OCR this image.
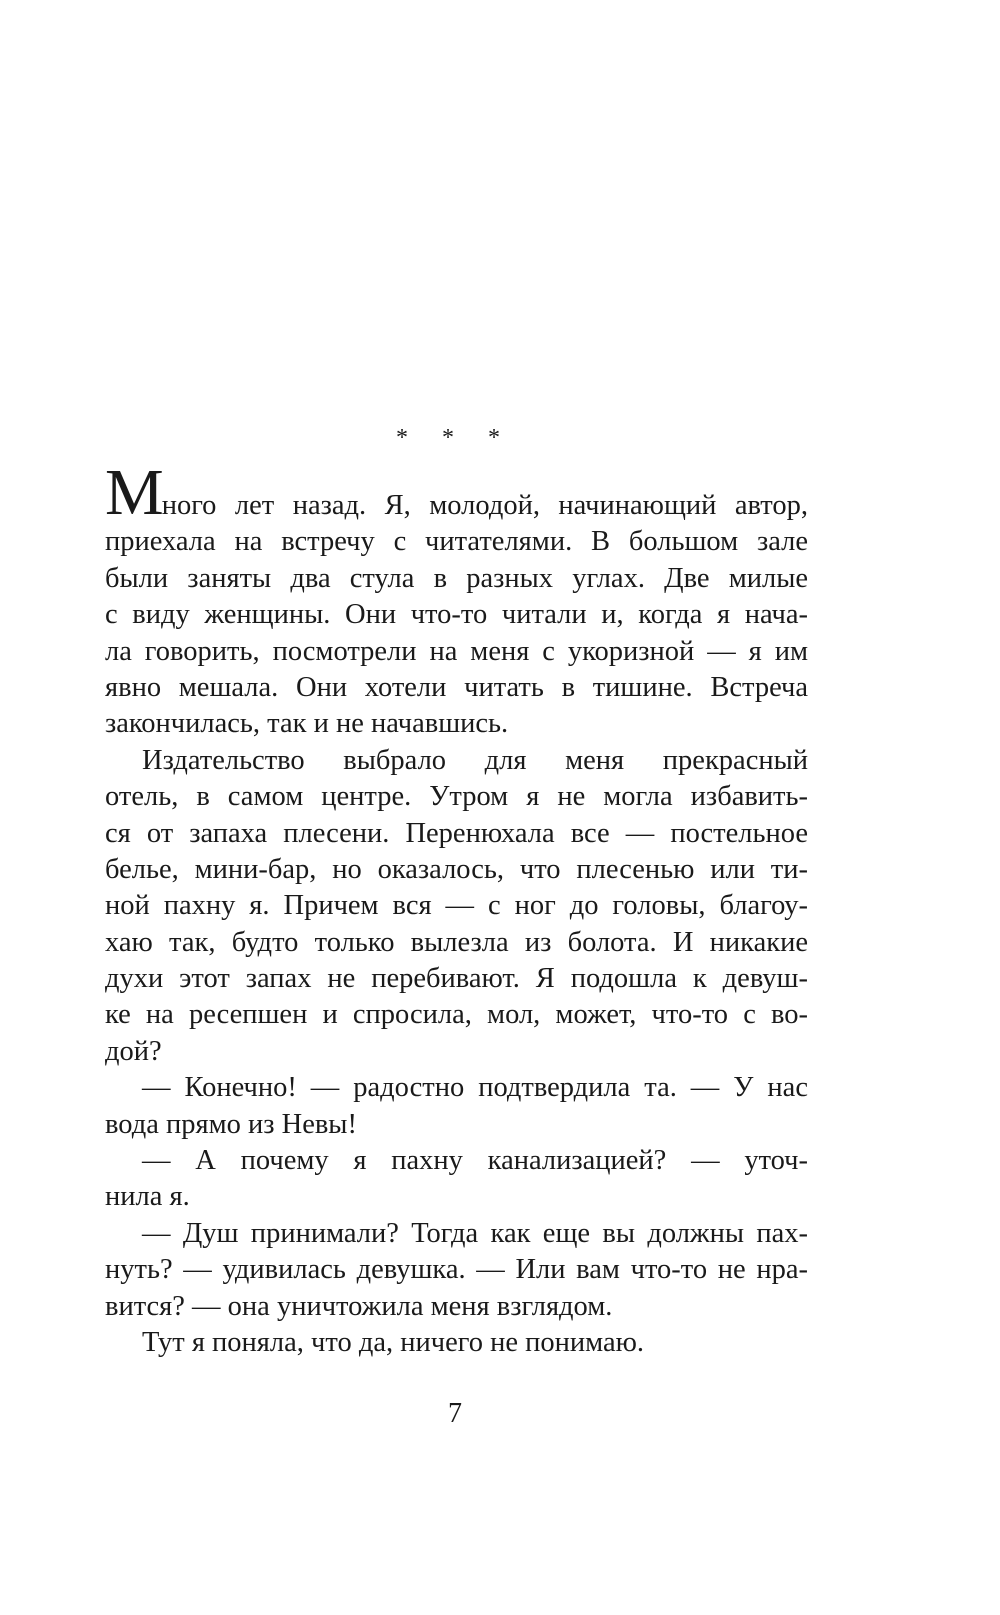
* * *
Много лет назад. Я, молодой, начинающий автор,
приехала на встречу с читателями. В большом зале
были заняты два стула в разных углах. Две милые
с виду женщины. Они что-то читали и, когда я нача-
ла говорить, посмотрели на меня с укоризной — я им
явно мешала. Они хотели читать в тишине. Встреча
закончилась, так и не начавшись.
Издательство выбрало для меня прекрасный
отель, в самом центре. Утром я не могла избавить-
ся от запаха плесени. Перенюхала все — постельное
белье, мини-бар, но оказалось, что плесенью или ти-
ной пахну я. Причем вся — с ног до головы, благоу-
хаю так, будто только вылезла из болота. И никакие
духи этот запах не перебивают. Я подошла к девуш-
ке на ресепшен и спросила, мол, может, что-то с во-
дой?
— Конечно! — радостно подтвердила та. — У нас
вода прямо из Невы!
— А почему я пахну канализацией? — уточ-
нила я.
— Душ принимали? Тогда как еще вы должны пах-
нуть? — удивилась девушка. — Или вам что-то не нра-
вится? — она уничтожила меня взглядом.
Тут я поняла, что да, ничего не понимаю.
7
